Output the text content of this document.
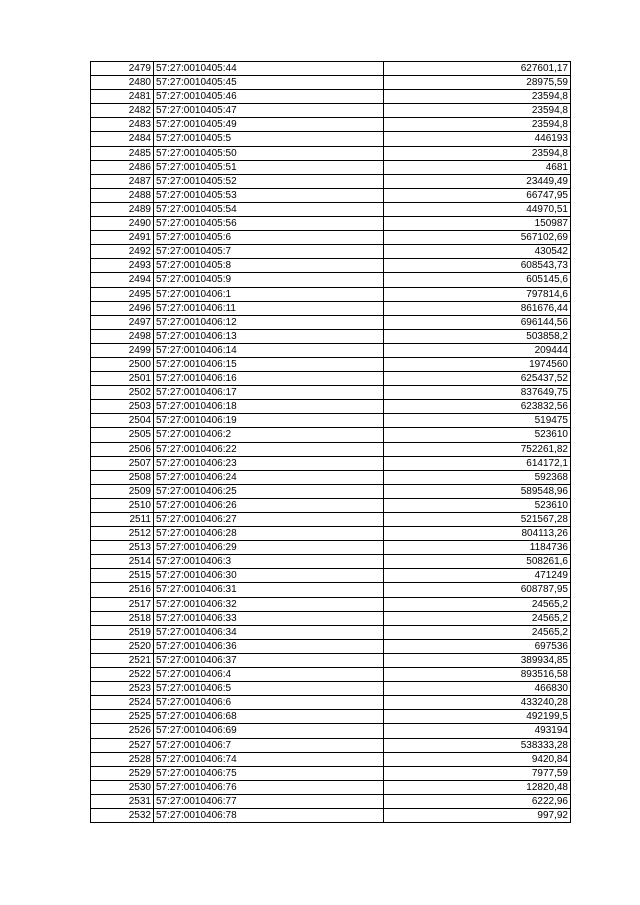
2479	57:27:0010405:44	627601,17
2480	57:27:0010405:45	28975,59
2481	57:27:0010405:46	23594,8
2482	57:27:0010405:47	23594,8
2483	57:27:0010405:49	23594,8
2484	57:27:0010405:5	446193
2485	57:27:0010405:50	23594,8
2486	57:27:0010405:51	4681
2487	57:27:0010405:52	23449,49
2488	57:27:0010405:53	66747,95
2489	57:27:0010405:54	44970,51
2490	57:27:0010405:56	150987
2491	57:27:0010405:6	567102,69
2492	57:27:0010405:7	430542
2493	57:27:0010405:8	608543,73
2494	57:27:0010405:9	605145,6
2495	57:27:0010406:1	797814,6
2496	57:27:0010406:11	861676,44
2497	57:27:0010406:12	696144,56
2498	57:27:0010406:13	503858,2
2499	57:27:0010406:14	209444
2500	57:27:0010406:15	1974560
2501	57:27:0010406:16	625437,52
2502	57:27:0010406:17	837649,75
2503	57:27:0010406:18	623832,56
2504	57:27:0010406:19	519475
2505	57:27:0010406:2	523610
2506	57:27:0010406:22	752261,82
2507	57:27:0010406:23	614172,1
2508	57:27:0010406:24	592368
2509	57:27:0010406:25	589548,96
2510	57:27:0010406:26	523610
2511	57:27:0010406:27	521567,28
2512	57:27:0010406:28	804113,26
2513	57:27:0010406:29	1184736
2514	57:27:0010406:3	508261,6
2515	57:27:0010406:30	471249
2516	57:27:0010406:31	608787,95
2517	57:27:0010406:32	24565,2
2518	57:27:0010406:33	24565,2
2519	57:27:0010406:34	24565,2
2520	57:27:0010406:36	697536
2521	57:27:0010406:37	389934,85
2522	57:27:0010406:4	893516,58
2523	57:27:0010406:5	466830
2524	57:27:0010406:6	433240,28
2525	57:27:0010406:68	492199,5
2526	57:27:0010406:69	493194
2527	57:27:0010406:7	538333,28
2528	57:27:0010406:74	9420,84
2529	57:27:0010406:75	7977,59
2530	57:27:0010406:76	12820,48
2531	57:27:0010406:77	6222,96
2532	57:27:0010406:78	997,92
